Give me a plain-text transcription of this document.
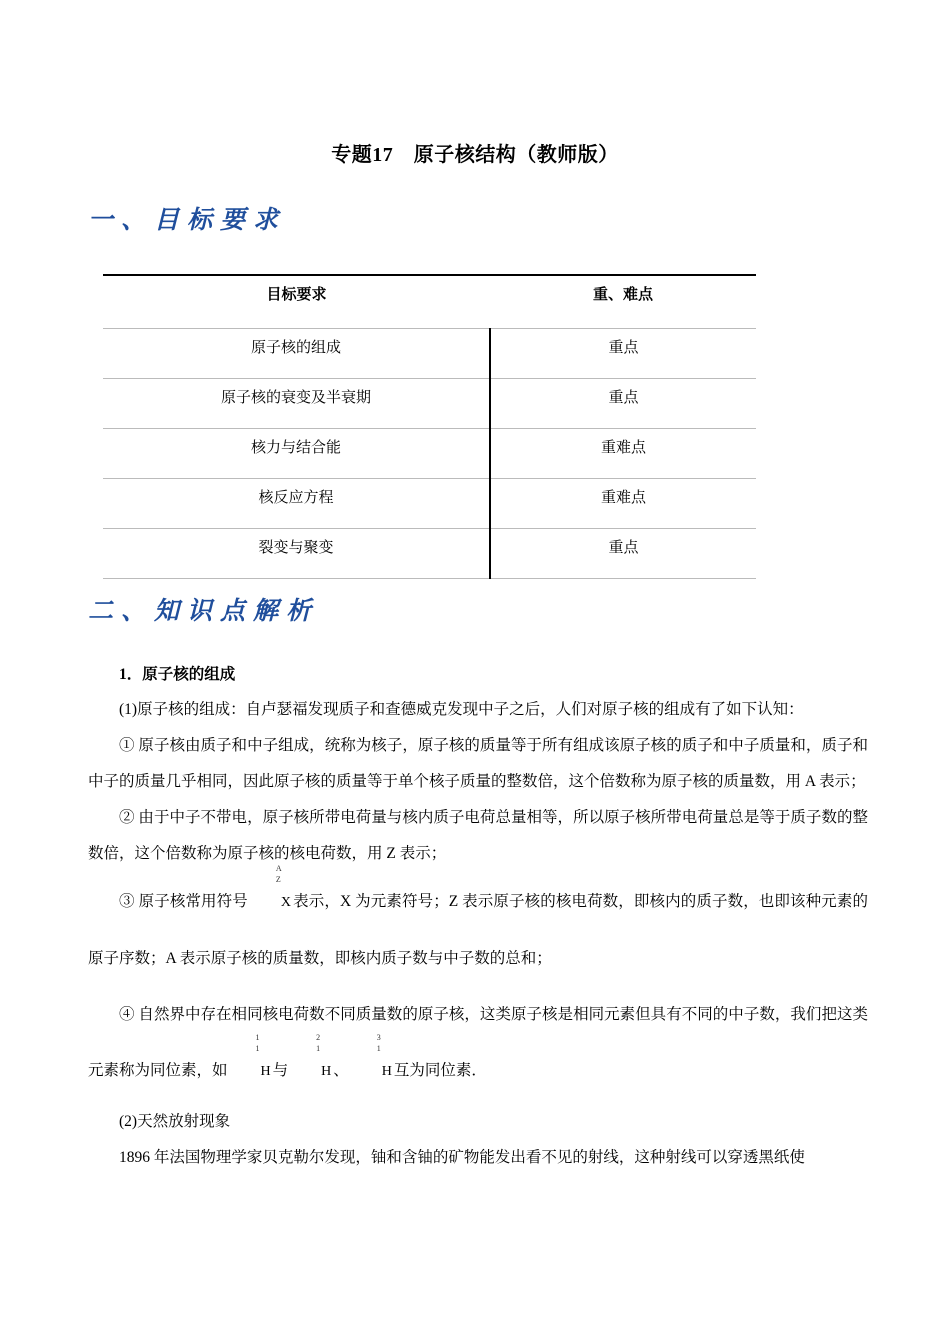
专题17　原子核结构（教师版）
一、目标要求
目标要求	重、难点
原子核的组成	重点
原子核的衰变及半衰期	重点
核力与结合能	重难点
核反应方程	重难点
裂变与聚变	重点
二、知识点解析
1．原子核的组成

(1)原子核的组成：自卢瑟福发现质子和查德威克发现中子之后，人们对原子核的组成有了如下认知：

① 原子核由质子和中子组成，统称为核子，原子核的质量等于所有组成该原子核的质子和中子质量和，质子和中子的质量几乎相同，因此原子核的质量等于单个核子质量的整数倍，这个倍数称为原子核的质量数，用 A 表示；

② 由于中子不带电，原子核所带电荷量与核内质子电荷总量相等，所以原子核所带电荷量总是等于质子数的整数倍，这个倍数称为原子核的核电荷数，用 Z 表示；

③ 原子核常用符号
A
Z
X 表示，X 为元素符号；Z 表示原子核的核电荷数，即核内的质子数，也即该种元素的原子序数；A 表示原子核的质量数，即核内质子数与中子数的总和；

④ 自然界中存在相同核电荷数不同质量数的原子核，这类原子核是相同元素但具有不同的中子数，我们把这类元素称为同位素，如
1
1
H 与
2
1
H 、
3
1
H 互为同位素．

(2)天然放射现象

1896 年法国物理学家贝克勒尔发现，铀和含铀的矿物能发出看不见的射线，这种射线可以穿透黑纸使
